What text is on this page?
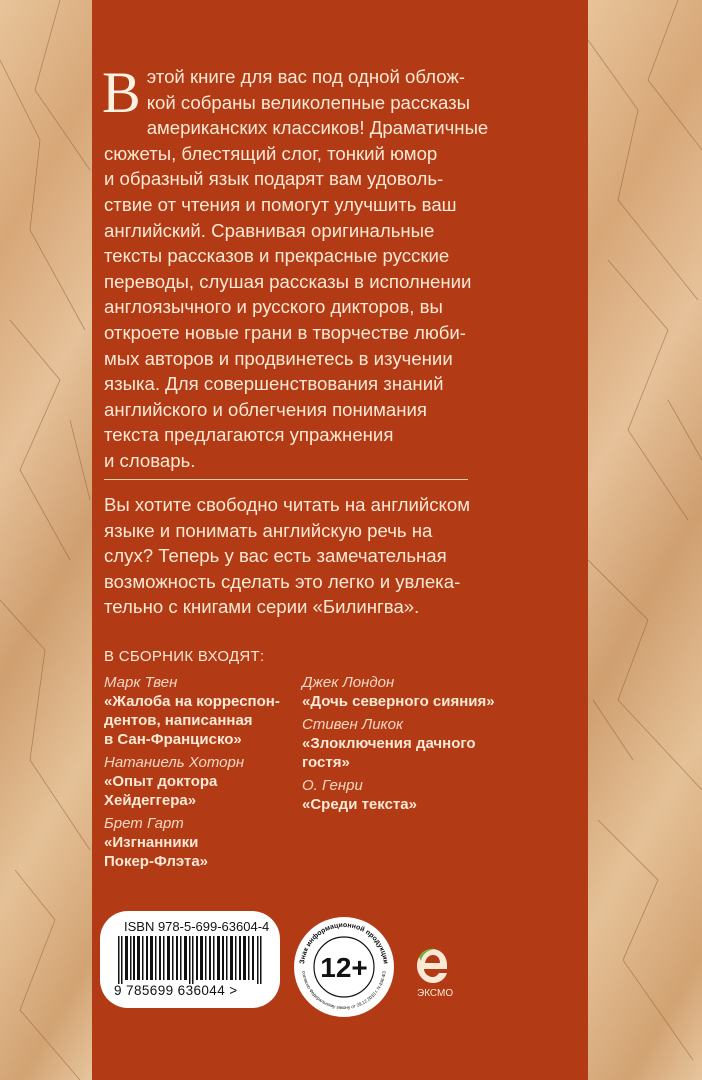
В этой книге для вас под одной облож-
кой собраны великолепные рассказы
американских классиков! Драматичные
сюжеты, блестящий слог, тонкий юмор
и образный язык подарят вам удоволь-
ствие от чтения и помогут улучшить ваш
английский. Сравнивая оригинальные
тексты рассказов и прекрасные русские
переводы, слушая рассказы в исполнении
англоязычного и русского дикторов, вы
откроете новые грани в творчестве люби-
мых авторов и продвинетесь в изучении
языка. Для совершенствования знаний
английского и облегчения понимания
текста предлагаются упражнения
и словарь.
Вы хотите свободно читать на английском
языке и понимать английскую речь на
слух? Теперь у вас есть замечательная
возможность сделать это легко и увлека-
тельно с книгами серии «Билингва».
В СБОРНИК ВХОДЯТ:
Марк Твен
«Жалоба на корреспон-
дентов, написанная
в Сан-Франциско»
Натаниель Хоторн
«Опыт доктора
Хейдеггера»
Брет Гарт
«Изгнанники
Покер-Флэта»
Джек Лондон
«Дочь северного сияния»
Стивен Ликок
«Злоключения дачного
гостя»
О. Генри
«Среди текста»
ISBN 978-5-699-63604-4
9 785699 636044 >
Знак информационной продукции
согласно Федеральному закону от 29.12.2010 г. N 436-ФЗ
12+
ЭКСМО
